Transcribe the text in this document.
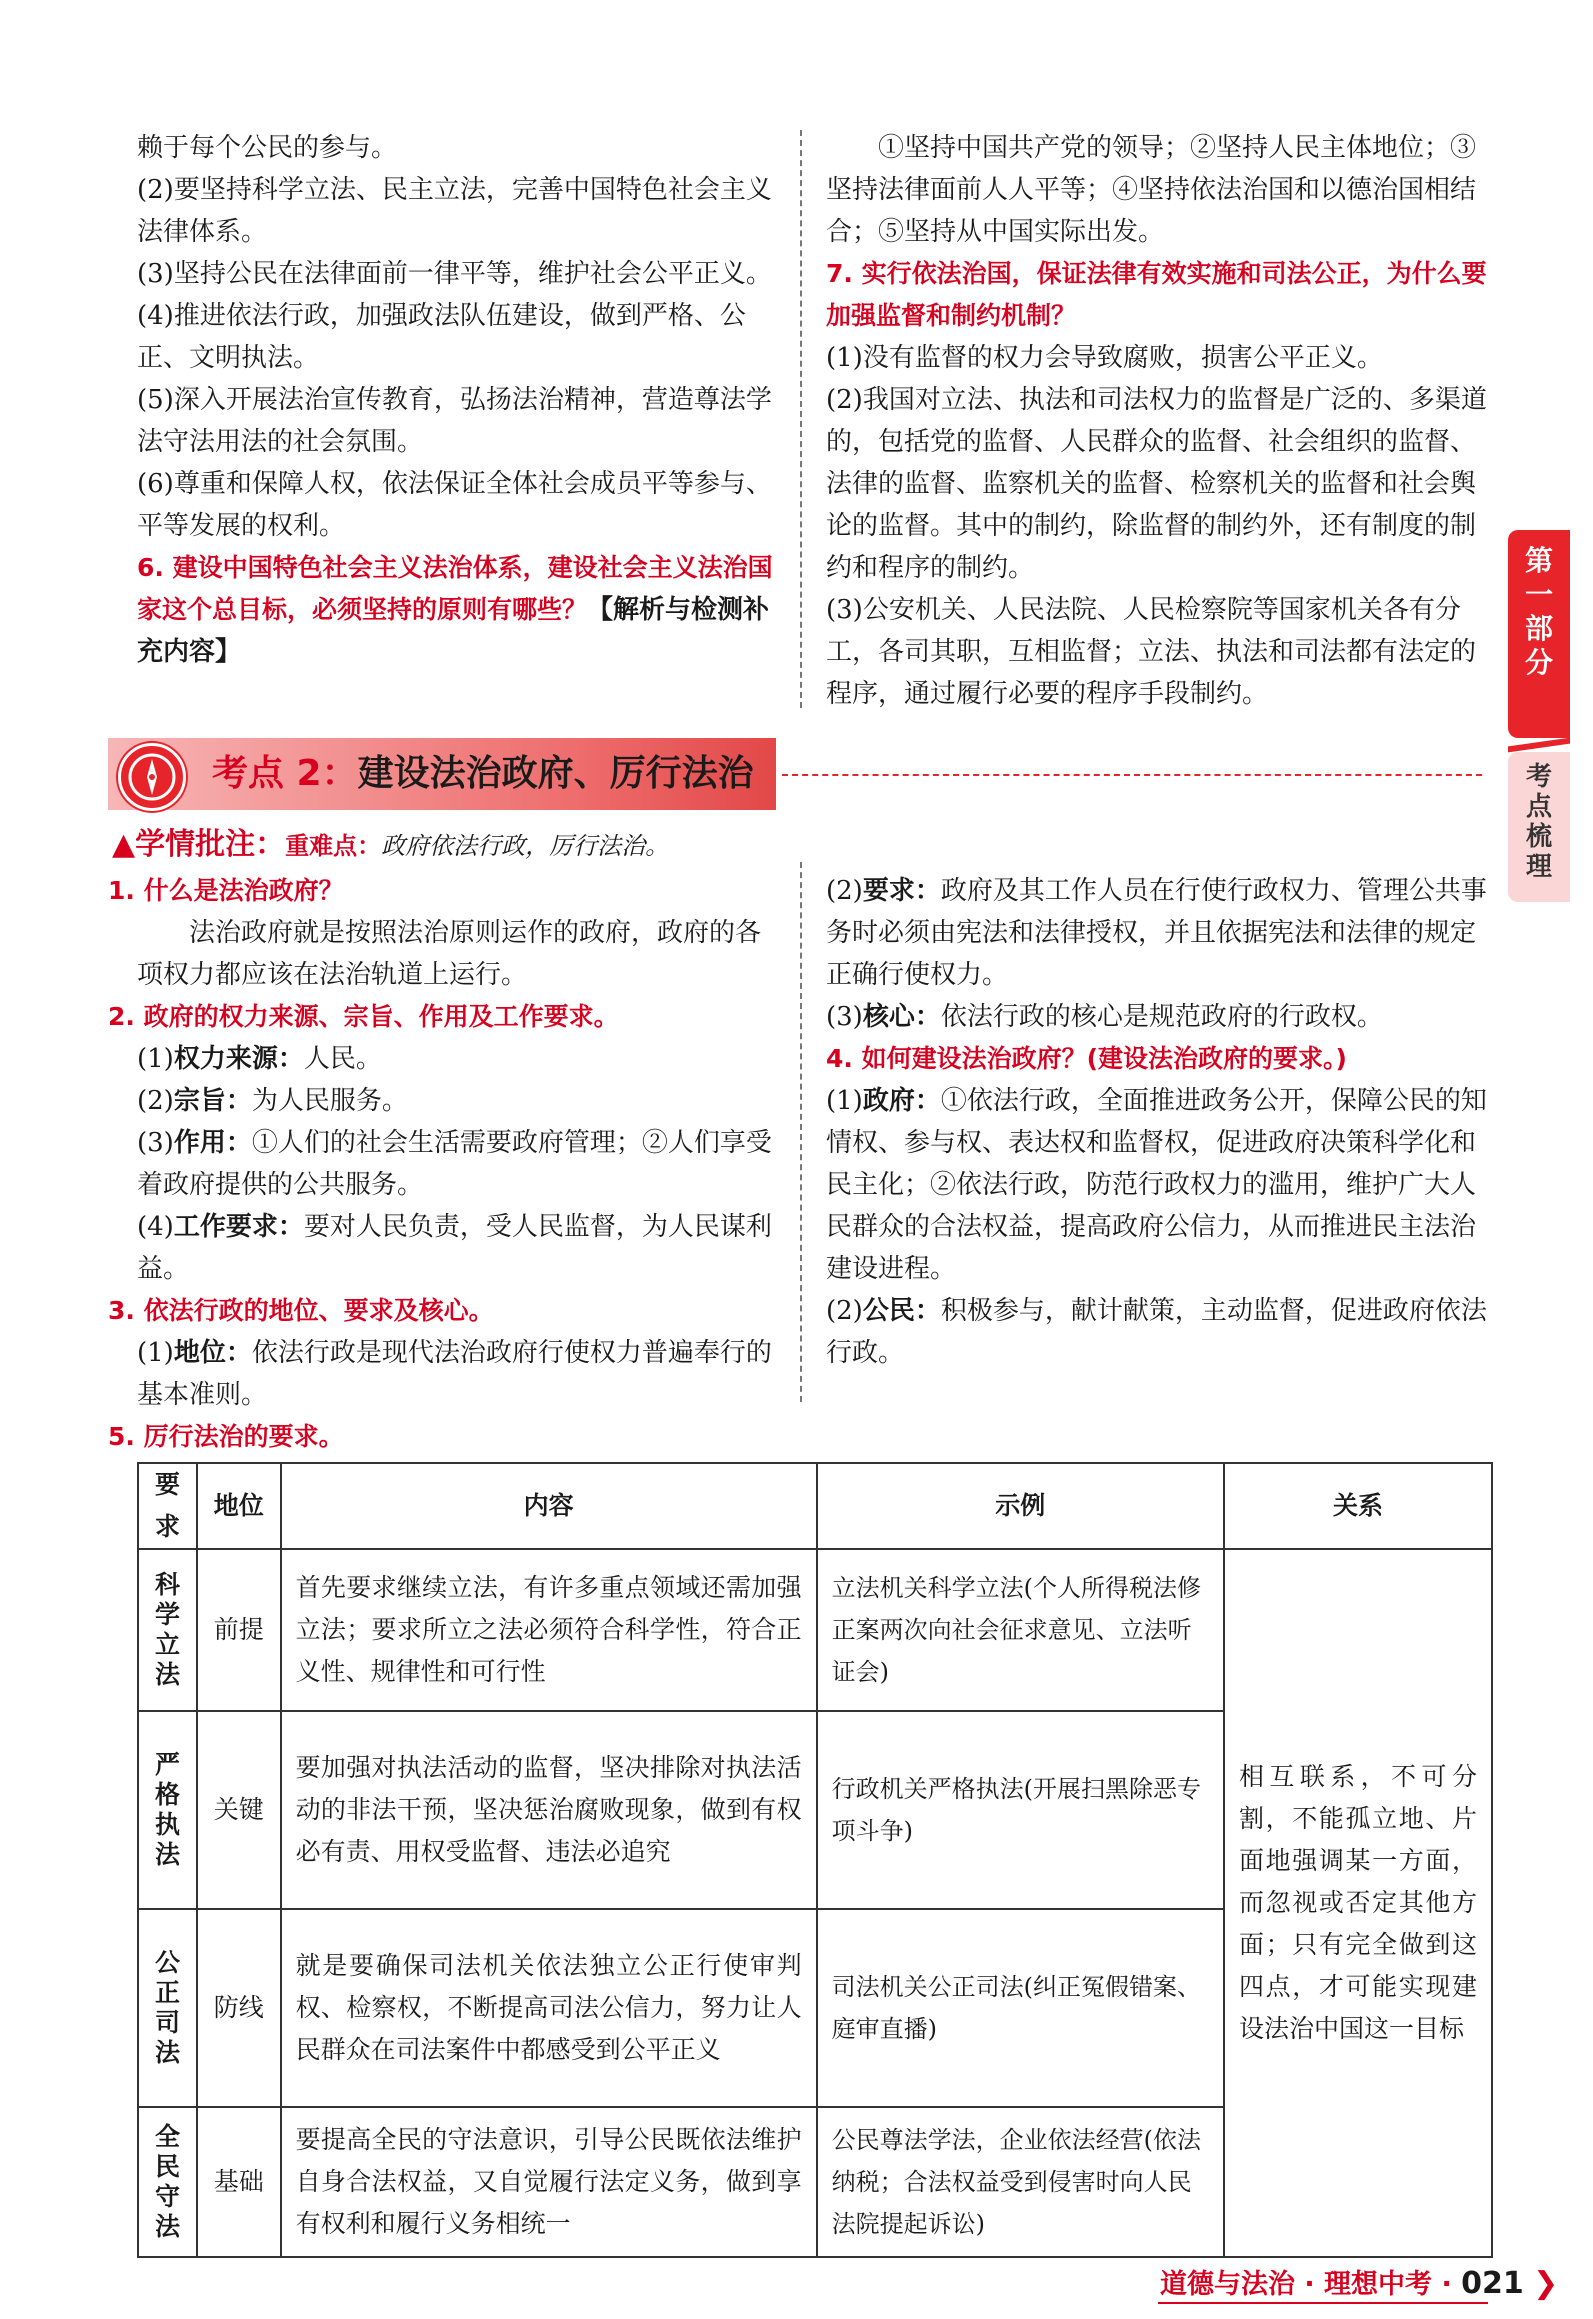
赖于每个公民的参与。

(2)要坚持科学立法、民主立法，完善中国特色社会主义法律体系。

(3)坚持公民在法律面前一律平等，维护社会公平正义。

(4)推进依法行政，加强政法队伍建设，做到严格、公正、文明执法。

(5)深入开展法治宣传教育，弘扬法治精神，营造尊法学法守法用法的社会氛围。

(6)尊重和保障人权，依法保证全体社会成员平等参与、平等发展的权利。

6. 建设中国特色社会主义法治体系，建设社会主义法治国家这个总目标，必须坚持的原则有哪些？【解析与检测补充内容】

①坚持中国共产党的领导；②坚持人民主体地位；③坚持法律面前人人平等；④坚持依法治国和以德治国相结合；⑤坚持从中国实际出发。

7. 实行依法治国，保证法律有效实施和司法公正，为什么要加强监督和制约机制？

(1)没有监督的权力会导致腐败，损害公平正义。

(2)我国对立法、执法和司法权力的监督是广泛的、多渠道的，包括党的监督、人民群众的监督、社会组织的监督、法律的监督、监察机关的监督、检察机关的监督和社会舆论的监督。其中的制约，除监督的制约外，还有制度的制约和程序的制约。

(3)公安机关、人民法院、人民检察院等国家机关各有分工，各司其职，互相监督；立法、执法和司法都有法定的程序，通过履行必要的程序手段制约。

第一部分
考点梳理
考点 2：建设法治政府、厉行法治
▲学情批注：重难点：政府依法行政，厉行法治。

1. 什么是法治政府？

法治政府就是按照法治原则运作的政府，政府的各项权力都应该在法治轨道上运行。

2. 政府的权力来源、宗旨、作用及工作要求。

(1)权力来源：人民。

(2)宗旨：为人民服务。

(3)作用：①人们的社会生活需要政府管理；②人们享受着政府提供的公共服务。

(4)工作要求：要对人民负责，受人民监督，为人民谋利益。

3. 依法行政的地位、要求及核心。

(1)地位：依法行政是现代法治政府行使权力普遍奉行的基本准则。

5. 厉行法治的要求。

(2)要求：政府及其工作人员在行使行政权力、管理公共事务时必须由宪法和法律授权，并且依据宪法和法律的规定正确行使权力。

(3)核心：依法行政的核心是规范政府的行政权。

4. 如何建设法治政府？(建设法治政府的要求。)

(1)政府：①依法行政，全面推进政务公开，保障公民的知情权、参与权、表达权和监督权，促进政府决策科学化和民主化；②依法行政，防范行政权力的滥用，维护广大人民群众的合法权益，提高政府公信力，从而推进民主法治建设进程。

(2)公民：积极参与，献计献策，主动监督，促进政府依法行政。

要求	地位	内容	示例	关系
科学立法	前提	首先要求继续立法，有许多重点领域还需加强立法；要求所立之法必须符合科学性，符合正义性、规律性和可行性	立法机关科学立法(个人所得税法修正案两次向社会征求意见、立法听证会)	相互联系，不可分割，不能孤立地、片面地强调某一方面，而忽视或否定其他方面；只有完全做到这四点，才可能实现建设法治中国这一目标
严格执法	关键	要加强对执法活动的监督，坚决排除对执法活动的非法干预，坚决惩治腐败现象，做到有权必有责、用权受监督、违法必追究	行政机关严格执法(开展扫黑除恶专项斗争)	
公正司法	防线	就是要确保司法机关依法独立公正行使审判权、检察权，不断提高司法公信力，努力让人民群众在司法案件中都感受到公平正义	司法机关公正司法(纠正冤假错案、庭审直播)	
全民守法	基础	要提高全民的守法意识，引导公民既依法维护自身合法权益，又自觉履行法定义务，做到享有权利和履行义务相统一	公民尊法学法，企业依法经营(依法纳税；合法权益受到侵害时向人民法院提起诉讼)	
道德与法治 · 理想中考 · 021 ❯
